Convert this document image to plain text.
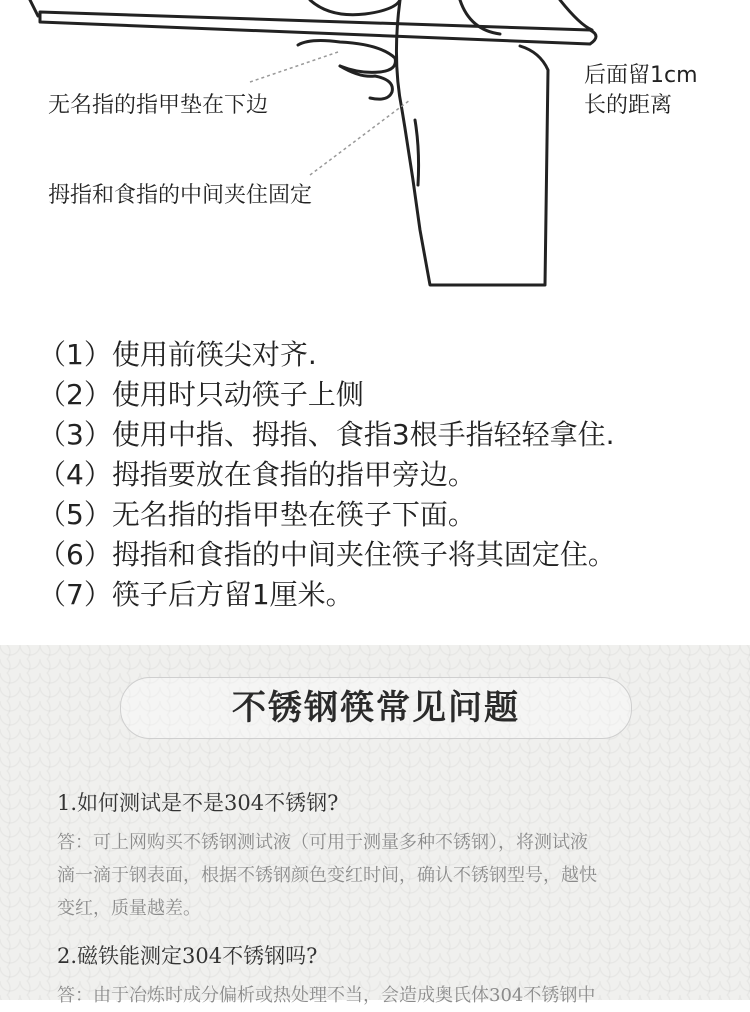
无名指的指甲垫在下边
拇指和食指的中间夹住固定
后面留1cm
长的距离
（1）使用前筷尖对齐.
（2）使用时只动筷子上侧
（3）使用中指、拇指、食指3根手指轻轻拿住.
（4）拇指要放在食指的指甲旁边。
（5）无名指的指甲垫在筷子下面。
（6）拇指和食指的中间夹住筷子将其固定住。
（7）筷子后方留1厘米。
不锈钢筷常见问题
1.如何测试是不是304不锈钢?
答：可上网购买不锈钢测试液（可用于测量多种不锈钢），将测试液
滴一滴于钢表面，根据不锈钢颜色变红时间，确认不锈钢型号，越快
变红，质量越差。
2.磁铁能测定304不锈钢吗?
答：由于冶炼时成分偏析或热处理不当，会造成奥氏体304不锈钢中
